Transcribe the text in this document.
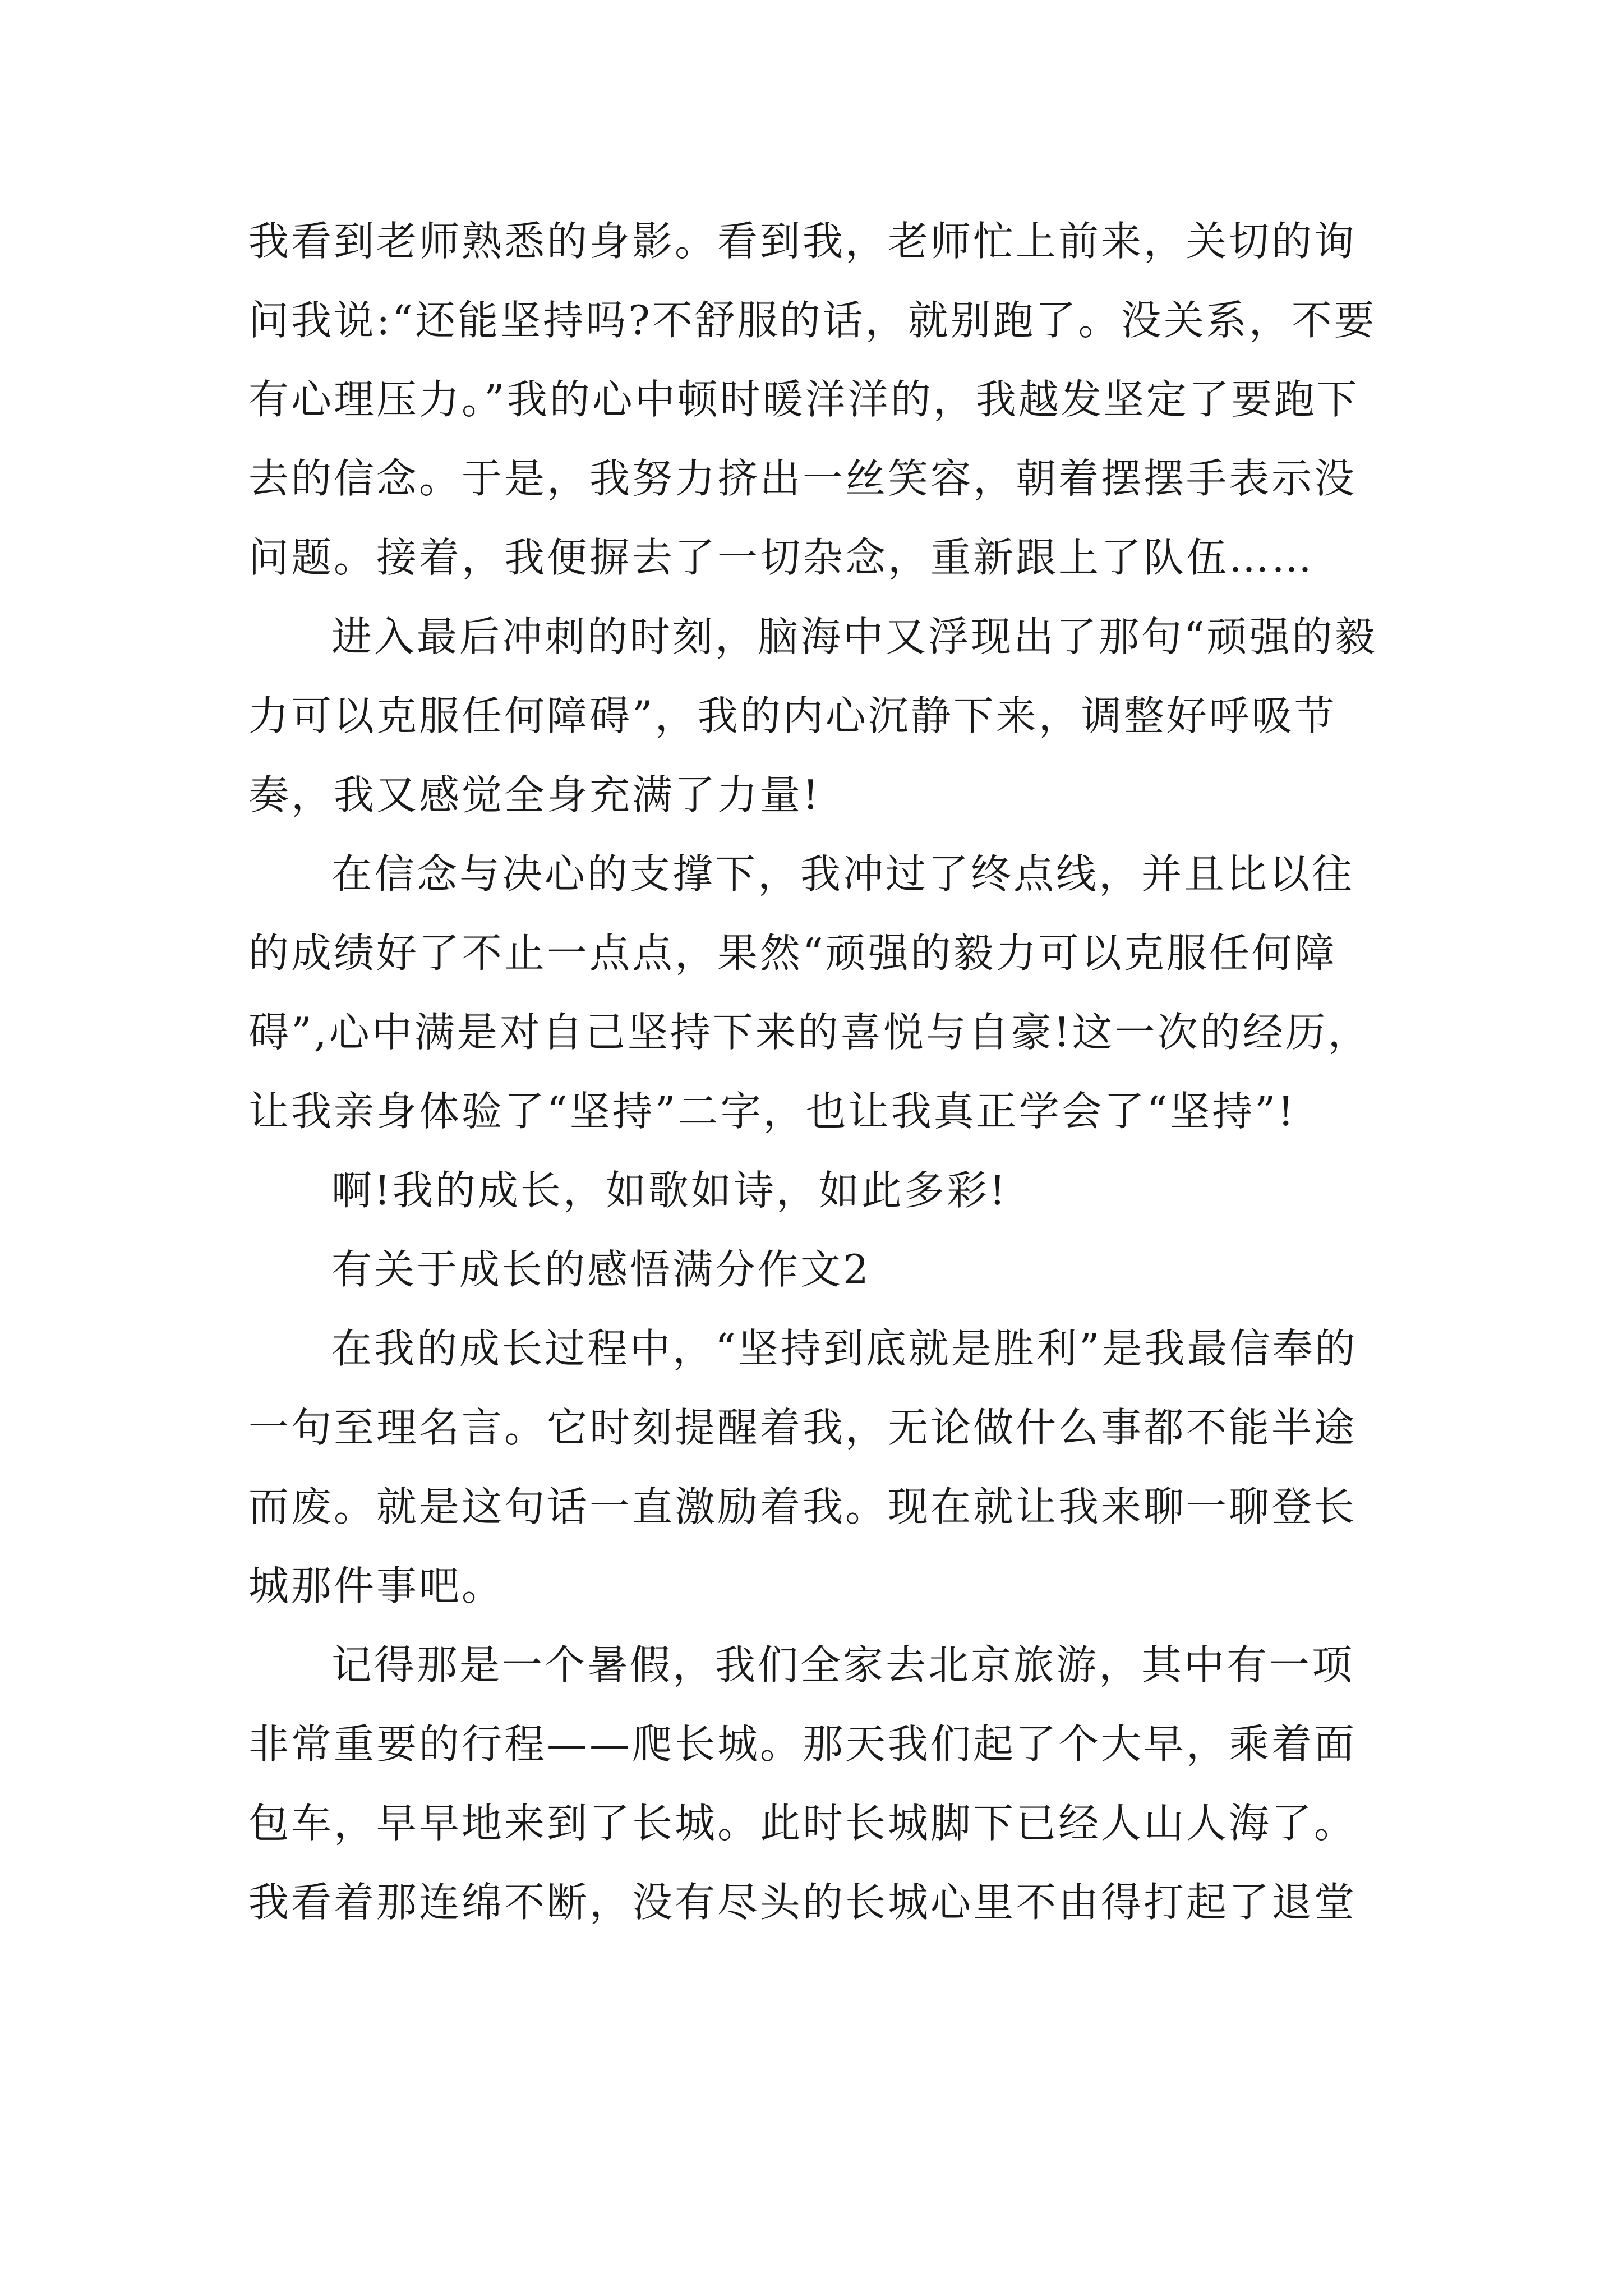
我看到老师熟悉的身影。看到我，老师忙上前来，关切的询问我说:“还能坚持吗?不舒服的话，就别跑了。没关系，不要有心理压力。”我的心中顿时暖洋洋的，我越发坚定了要跑下去的信念。于是，我努力挤出一丝笑容，朝着摆摆手表示没问题。接着，我便摒去了一切杂念，重新跟上了队伍……

进入最后冲刺的时刻，脑海中又浮现出了那句“顽强的毅力可以克服任何障碍”，我的内心沉静下来，调整好呼吸节奏，我又感觉全身充满了力量!

在信念与决心的支撑下，我冲过了终点线，并且比以往的成绩好了不止一点点，果然“顽强的毅力可以克服任何障碍”,心中满是对自己坚持下来的喜悦与自豪!这一次的经历，让我亲身体验了“坚持”二字，也让我真正学会了“坚持”!

啊!我的成长，如歌如诗，如此多彩!

有关于成长的感悟满分作文2

在我的成长过程中，“坚持到底就是胜利”是我最信奉的一句至理名言。它时刻提醒着我，无论做什么事都不能半途而废。就是这句话一直激励着我。现在就让我来聊一聊登长城那件事吧。

记得那是一个暑假，我们全家去北京旅游，其中有一项非常重要的行程——爬长城。那天我们起了个大早，乘着面包车，早早地来到了长城。此时长城脚下已经人山人海了。我看着那连绵不断，没有尽头的长城心里不由得打起了退堂
